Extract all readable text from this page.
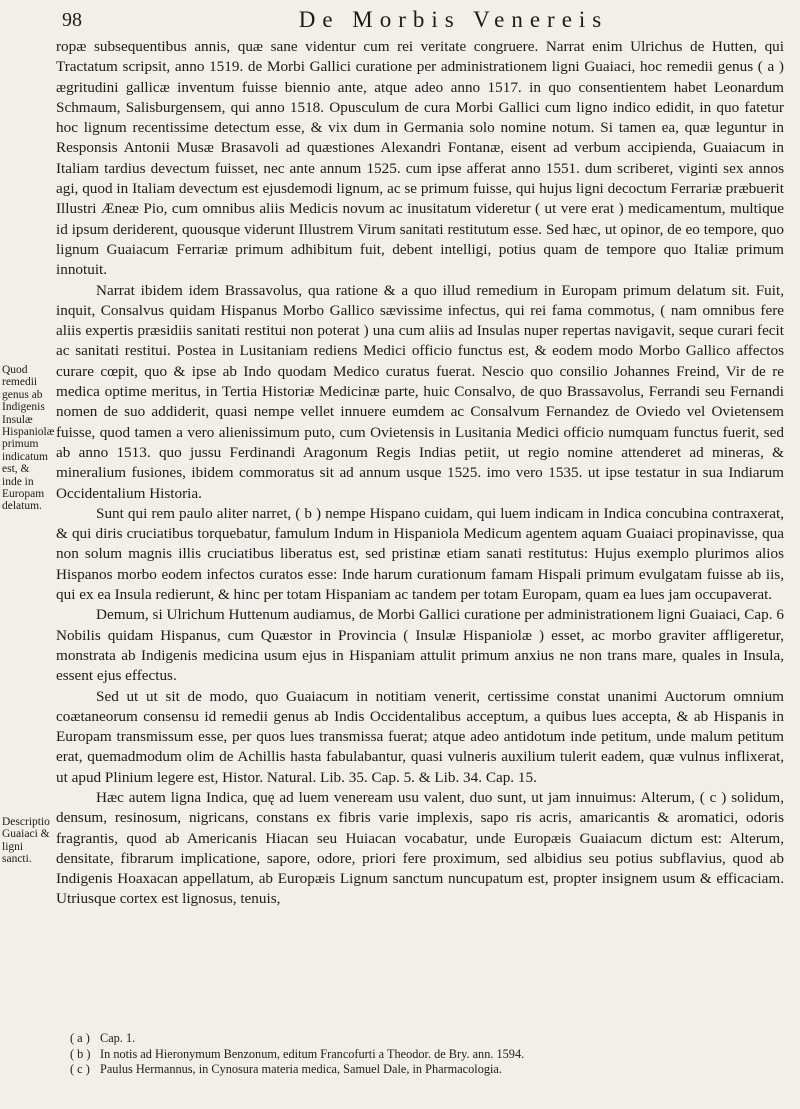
98	De Morbis Venereis
Quod remedii genus ab Indigenis Insulæ Hispaniolæ primum indicatum est, & inde in Europam delatum.
Descriptio Guaiaci & ligni sancti.

ropæ subsequentibus annis, quæ sane videntur cum rei veritate congruere. Narrat enim Ulrichus de Hutten, qui Tractatum scripsit, anno 1519. de Morbi Gallici curatione per administrationem ligni Guaiaci, hoc remedii genus ( a ) ægritudini gallicæ inventum fuisse biennio ante, atque adeo anno 1517. in quo consentientem habet Leonardum Schmaum, Salisburgensem, qui anno 1518. Opusculum de cura Morbi Gallici cum ligno indico edidit, in quo fatetur hoc lignum recentissime detectum esse, & vix dum in Germania solo nomine notum. Si tamen ea, quæ leguntur in Responsis Antonii Musæ Brasavoli ad quæstiones Alexandri Fontanæ, eisent ad verbum accipienda, Guaiacum in Italiam tardius devectum fuisset, nec ante annum 1525. cum ipse afferat anno 1551. dum scriberet, viginti sex annos agi, quod in Italiam devectum est ejusdemodi lignum, ac se primum fuisse, qui hujus ligni decoctum Ferrariæ præbuerit Illustri Æneæ Pio, cum omnibus aliis Medicis novum ac inusitatum videretur ( ut vere erat ) medicamentum, multique id ipsum deriderent, quousque viderunt Illustrem Virum sanitati restitutum esse. Sed hæc, ut opinor, de eo tempore, quo lignum Guaiacum Ferrariæ primum adhibitum fuit, debent intelligi, potius quam de tempore quo Italiæ primum innotuit.

Narrat ibidem idem Brassavolus, qua ratione & a quo illud remedium in Europam primum delatum sit. Fuit, inquit, Consalvus quidam Hispanus Morbo Gallico sævissime infectus, qui rei fama commotus, ( nam omnibus fere aliis expertis præsidiis sanitati restitui non poterat ) una cum aliis ad Insulas nuper repertas navigavit, seque curari fecit ac sanitati restitui. Postea in Lusitaniam rediens Medici officio functus est, & eodem modo Morbo Gallico affectos curare cœpit, quo & ipse ab Indo quodam Medico curatus fuerat. Nescio quo consilio Johannes Freind, Vir de re medica optime meritus, in Tertia Historiæ Medicinæ parte, huic Consalvo, de quo Brassavolus, Ferrandi seu Fernandi nomen de suo addiderit, quasi nempe vellet innuere eumdem ac Consalvum Fernandez de Oviedo vel Ovietensem fuisse, quod tamen a vero alienissimum puto, cum Ovietensis in Lusitania Medici officio numquam functus fuerit, sed ab anno 1513. quo jussu Ferdinandi Aragonum Regis Indias petiit, ut regio nomine attenderet ad mineras, & mineralium fusiones, ibidem commoratus sit ad annum usque 1525. imo vero 1535. ut ipse testatur in sua Indiarum Occidentalium Historia.

Sunt qui rem paulo aliter narret, ( b ) nempe Hispano cuidam, qui luem indicam in Indica concubina contraxerat, & qui diris cruciatibus torquebatur, famulum Indum in Hispaniola Medicum agentem aquam Guaiaci propinavisse, qua non solum magnis illis cruciatibus liberatus est, sed pristinæ etiam sanati restitutus: Hujus exemplo plurimos alios Hispanos morbo eodem infectos curatos esse: Inde harum curationum famam Hispali primum evulgatam fuisse ab iis, qui ex ea Insula redierunt, & hinc per totam Hispaniam ac tandem per totam Europam, quam ea lues jam occupaverat.

Demum, si Ulrichum Huttenum audiamus, de Morbi Gallici curatione per administrationem ligni Guaiaci, Cap. 6 Nobilis quidam Hispanus, cum Quæstor in Provincia ( Insulæ Hispaniolæ ) esset, ac morbo graviter affligeretur, monstrata ab Indigenis medicina usum ejus in Hispaniam attulit primum anxius ne non trans mare, quales in Insula, essent ejus effectus.

Sed ut ut sit de modo, quo Guaiacum in notitiam venerit, certissime constat unanimi Auctorum omnium coætaneorum consensu id remedii genus ab Indis Occidentalibus acceptum, a quibus lues accepta, & ab Hispanis in Europam transmissum esse, per quos lues transmissa fuerat; atque adeo antidotum inde petitum, unde malum petitum erat, quemadmodum olim de Achillis hasta fabulabantur, quasi vulneris auxilium tulerit eadem, quæ vulnus inflixerat, ut apud Plinium legere est, Histor. Natural. Lib. 35. Cap. 5. & Lib. 34. Cap. 15.

Hæc autem ligna Indica, quę ad luem veneream usu valent, duo sunt, ut jam innuimus: Alterum, ( c ) solidum, densum, resinosum, nigricans, constans ex fibris varie implexis, sapo ris acris, amaricantis & aromatici, odoris fragrantis, quod ab Americanis Hiacan seu Huiacan vocabatur, unde Europæis Guaiacum dictum est: Alterum, densitate, fibrarum implicatione, sapore, odore, priori fere proximum, sed albidius seu potius subflavius, quod ab Indigenis Hoaxacan appellatum, ab Europæis Lignum sanctum nuncupatum est, propter insignem usum & efficaciam. Utriusque cortex est lignosus, tenuis,

( a ) Cap. 1.
( b ) In notis ad Hieronymum Benzonum, editum Francofurti a Theodor. de Bry. ann. 1594.
( c ) Paulus Hermannus, in Cynosura materia medica, Samuel Dale, in Pharmacologia.
